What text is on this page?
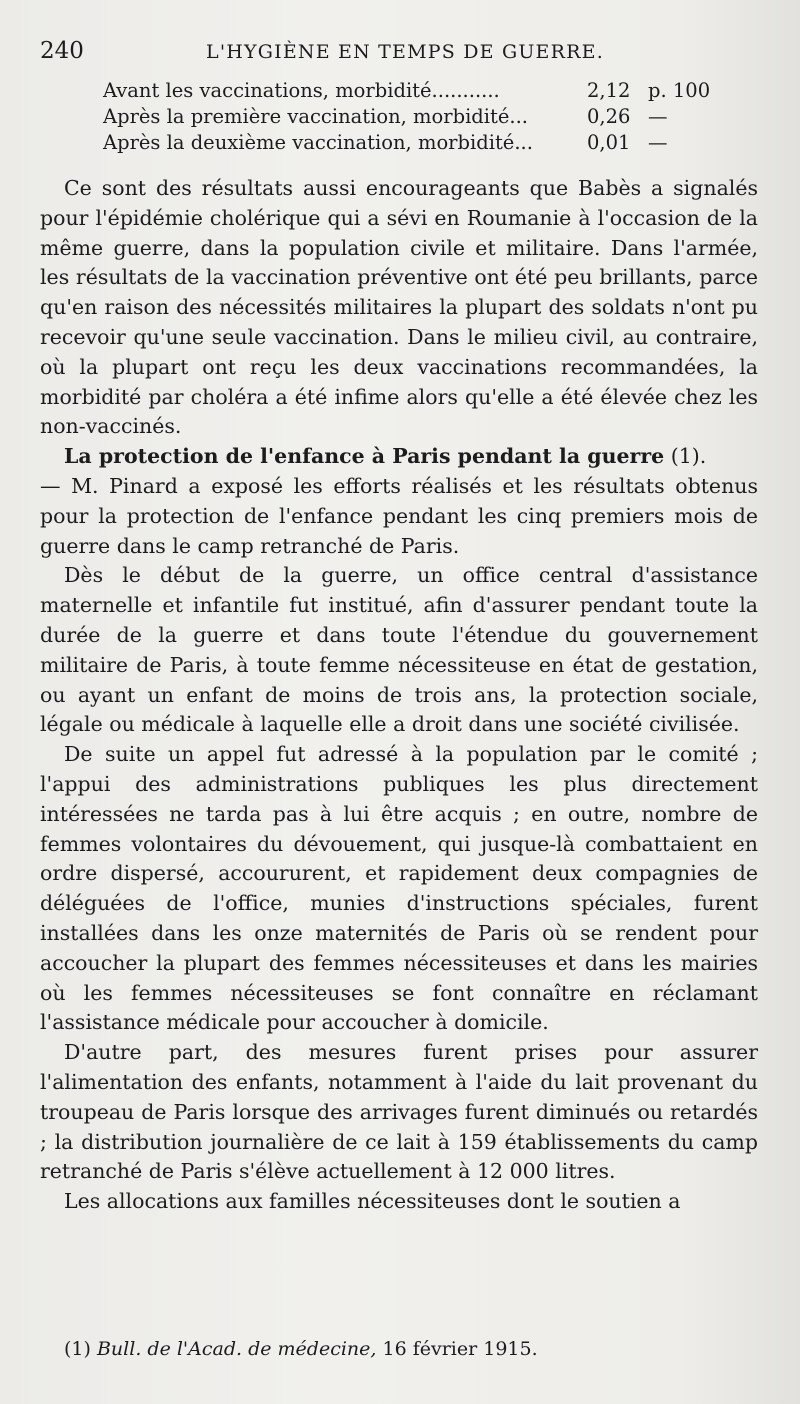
240	L'HYGIÈNE EN TEMPS DE GUERRE.
Avant les vaccinations, morbidité...........	2,12 p. 100
Après la première vaccination, morbidité...	0,26 —
Après la deuxième vaccination, morbidité...	0,01 —

Ce sont des résultats aussi encourageants que Babès a signalés pour l'épidémie cholérique qui a sévi en Roumanie à l'occasion de la même guerre, dans la population civile et militaire. Dans l'armée, les résultats de la vaccination préventive ont été peu brillants, parce qu'en raison des nécessités militaires la plupart des soldats n'ont pu recevoir qu'une seule vaccination. Dans le milieu civil, au contraire, où la plupart ont reçu les deux vaccinations recommandées, la morbidité par choléra a été infime alors qu'elle a été élevée chez les non-vaccinés.

La protection de l'enfance à Paris pendant la guerre (1).

— M. Pinard a exposé les efforts réalisés et les résultats obtenus pour la protection de l'enfance pendant les cinq premiers mois de guerre dans le camp retranché de Paris.

Dès le début de la guerre, un office central d'assistance maternelle et infantile fut institué, afin d'assurer pendant toute la durée de la guerre et dans toute l'étendue du gouvernement militaire de Paris, à toute femme nécessiteuse en état de gestation, ou ayant un enfant de moins de trois ans, la protection sociale, légale ou médicale à laquelle elle a droit dans une société civilisée.

De suite un appel fut adressé à la population par le comité ; l'appui des administrations publiques les plus directement intéressées ne tarda pas à lui être acquis ; en outre, nombre de femmes volontaires du dévouement, qui jusque-là combattaient en ordre dispersé, accoururent, et rapidement deux compagnies de déléguées de l'office, munies d'instructions spéciales, furent installées dans les onze maternités de Paris où se rendent pour accoucher la plupart des femmes nécessiteuses et dans les mairies où les femmes nécessiteuses se font connaître en réclamant l'assistance médicale pour accoucher à domicile.

D'autre part, des mesures furent prises pour assurer l'alimentation des enfants, notamment à l'aide du lait provenant du troupeau de Paris lorsque des arrivages furent diminués ou retardés ; la distribution journalière de ce lait à 159 établissements du camp retranché de Paris s'élève actuellement à 12 000 litres.

Les allocations aux familles nécessiteuses dont le soutien a

(1) Bull. de l'Acad. de médecine, 16 février 1915.
